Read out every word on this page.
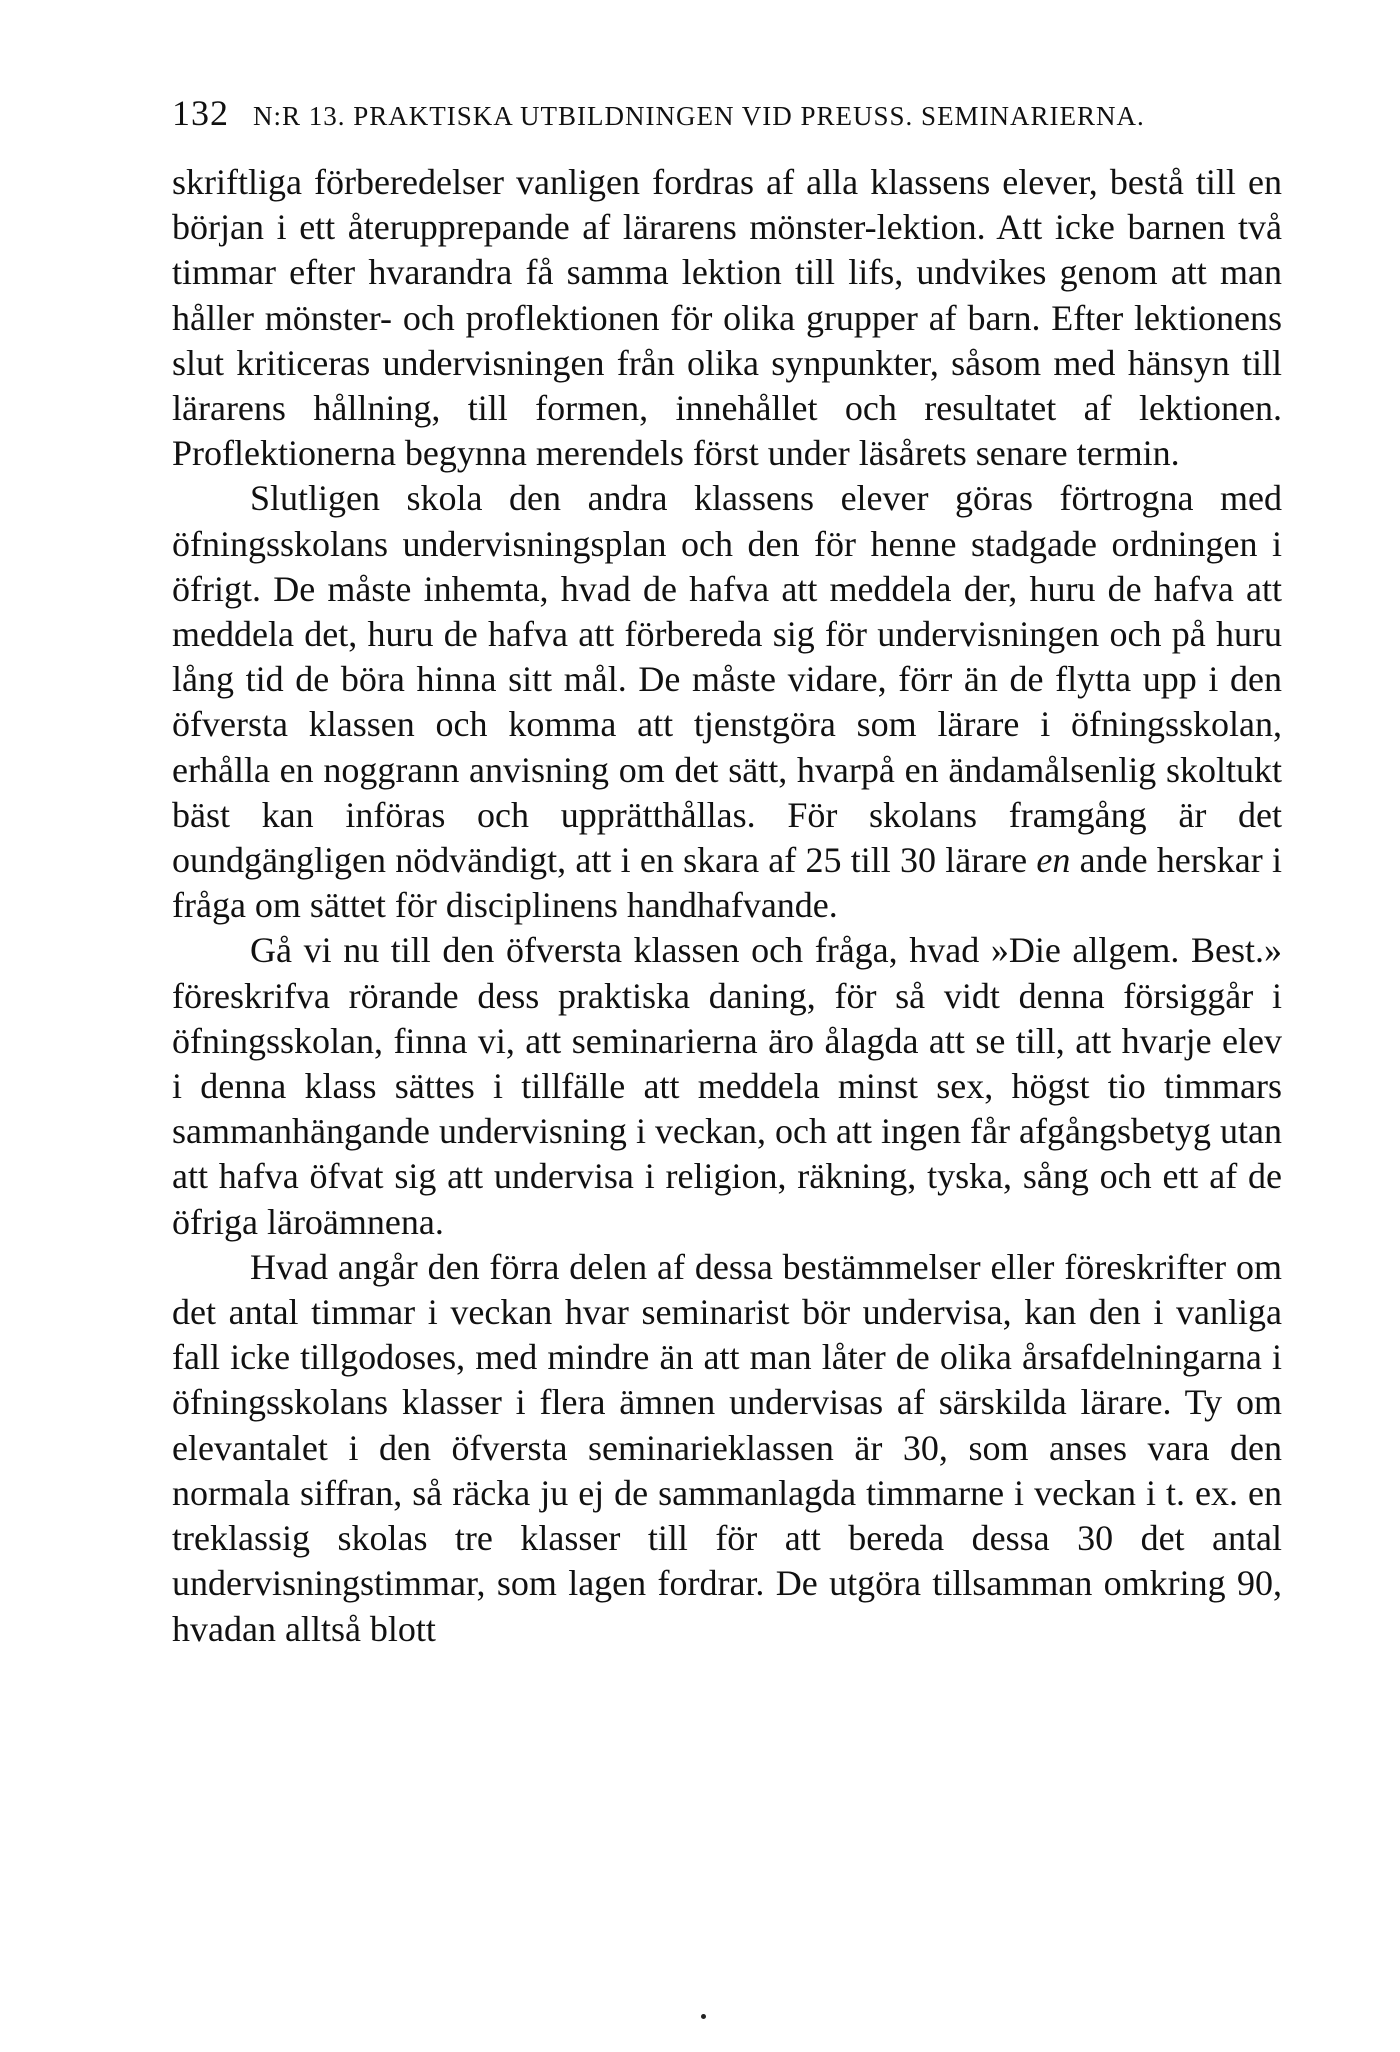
132 N:R 13. PRAKTISKA UTBILDNINGEN VID PREUSS. SEMINARIERNA.

skriftliga förberedelser vanligen fordras af alla klassens elever, bestå till en början i ett återupprepande af lärarens mönster-lektion. Att icke barnen två timmar efter hvarandra få samma lektion till lifs, undvikes genom att man håller mönster- och proflektionen för olika grupper af barn. Efter lektionens slut kriticeras undervisningen från olika synpunkter, såsom med hänsyn till lärarens hållning, till formen, innehållet och resultatet af lektionen. Proflektionerna begynna merendels först under läsårets senare termin.

Slutligen skola den andra klassens elever göras förtrogna med öfningsskolans undervisningsplan och den för henne stadgade ordningen i öfrigt. De måste inhemta, hvad de hafva att meddela der, huru de hafva att meddela det, huru de hafva att förbereda sig för undervisningen och på huru lång tid de böra hinna sitt mål. De måste vidare, förr än de flytta upp i den öfversta klassen och komma att tjenstgöra som lärare i öfningsskolan, erhålla en noggrann anvisning om det sätt, hvarpå en ändamålsenlig skoltukt bäst kan införas och upprätthållas. För skolans framgång är det oundgängligen nödvändigt, att i en skara af 25 till 30 lärare en ande herskar i fråga om sättet för disciplinens handhafvande.

Gå vi nu till den öfversta klassen och fråga, hvad »Die allgem. Best.» föreskrifva rörande dess praktiska daning, för så vidt denna försiggår i öfningsskolan, finna vi, att seminarierna äro ålagda att se till, att hvarje elev i denna klass sättes i tillfälle att meddela minst sex, högst tio timmars sammanhängande undervisning i veckan, och att ingen får afgångsbetyg utan att hafva öfvat sig att undervisa i religion, räkning, tyska, sång och ett af de öfriga läroämnena.

Hvad angår den förra delen af dessa bestämmelser eller föreskrifter om det antal timmar i veckan hvar seminarist bör undervisa, kan den i vanliga fall icke tillgodoses, med mindre än att man låter de olika årsafdelningarna i öfningsskolans klasser i flera ämnen undervisas af särskilda lärare. Ty om elevantalet i den öfversta seminarieklassen är 30, som anses vara den normala siffran, så räcka ju ej de sammanlagda timmarne i veckan i t. ex. en treklassig skolas tre klasser till för att bereda dessa 30 det antal undervisningstimmar, som lagen fordrar. De utgöra tillsamman omkring 90, hvadan alltså blott
